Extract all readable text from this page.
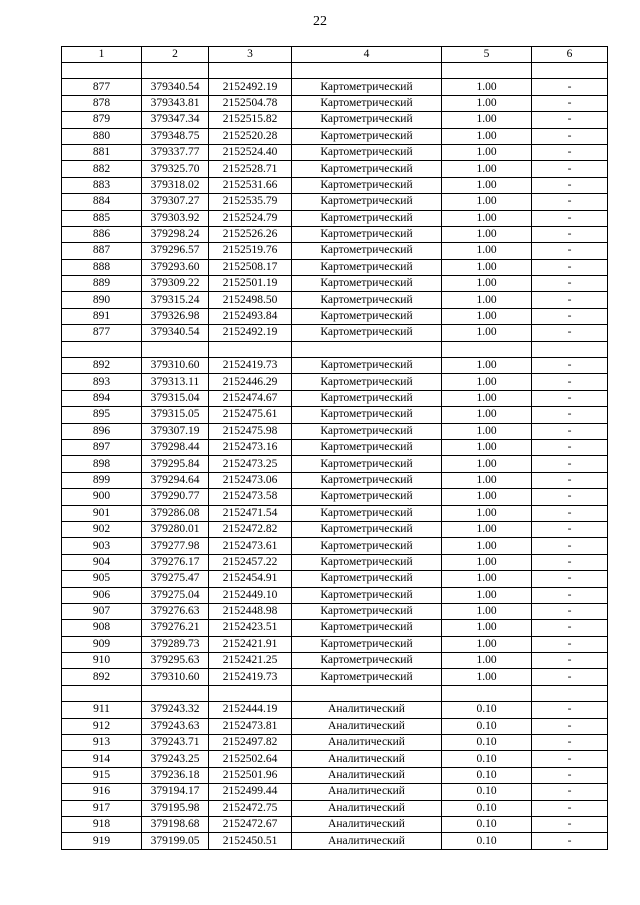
22
1	2	3	4	5	6

877	379340.54	2152492.19	Картометрический	1.00	-
878	379343.81	2152504.78	Картометрический	1.00	-
879	379347.34	2152515.82	Картометрический	1.00	-
880	379348.75	2152520.28	Картометрический	1.00	-
881	379337.77	2152524.40	Картометрический	1.00	-
882	379325.70	2152528.71	Картометрический	1.00	-
883	379318.02	2152531.66	Картометрический	1.00	-
884	379307.27	2152535.79	Картометрический	1.00	-
885	379303.92	2152524.79	Картометрический	1.00	-
886	379298.24	2152526.26	Картометрический	1.00	-
887	379296.57	2152519.76	Картометрический	1.00	-
888	379293.60	2152508.17	Картометрический	1.00	-
889	379309.22	2152501.19	Картометрический	1.00	-
890	379315.24	2152498.50	Картометрический	1.00	-
891	379326.98	2152493.84	Картометрический	1.00	-
877	379340.54	2152492.19	Картометрический	1.00	-

892	379310.60	2152419.73	Картометрический	1.00	-
893	379313.11	2152446.29	Картометрический	1.00	-
894	379315.04	2152474.67	Картометрический	1.00	-
895	379315.05	2152475.61	Картометрический	1.00	-
896	379307.19	2152475.98	Картометрический	1.00	-
897	379298.44	2152473.16	Картометрический	1.00	-
898	379295.84	2152473.25	Картометрический	1.00	-
899	379294.64	2152473.06	Картометрический	1.00	-
900	379290.77	2152473.58	Картометрический	1.00	-
901	379286.08	2152471.54	Картометрический	1.00	-
902	379280.01	2152472.82	Картометрический	1.00	-
903	379277.98	2152473.61	Картометрический	1.00	-
904	379276.17	2152457.22	Картометрический	1.00	-
905	379275.47	2152454.91	Картометрический	1.00	-
906	379275.04	2152449.10	Картометрический	1.00	-
907	379276.63	2152448.98	Картометрический	1.00	-
908	379276.21	2152423.51	Картометрический	1.00	-
909	379289.73	2152421.91	Картометрический	1.00	-
910	379295.63	2152421.25	Картометрический	1.00	-
892	379310.60	2152419.73	Картометрический	1.00	-

911	379243.32	2152444.19	Аналитический	0.10	-
912	379243.63	2152473.81	Аналитический	0.10	-
913	379243.71	2152497.82	Аналитический	0.10	-
914	379243.25	2152502.64	Аналитический	0.10	-
915	379236.18	2152501.96	Аналитический	0.10	-
916	379194.17	2152499.44	Аналитический	0.10	-
917	379195.98	2152472.75	Аналитический	0.10	-
918	379198.68	2152472.67	Аналитический	0.10	-
919	379199.05	2152450.51	Аналитический	0.10	-
